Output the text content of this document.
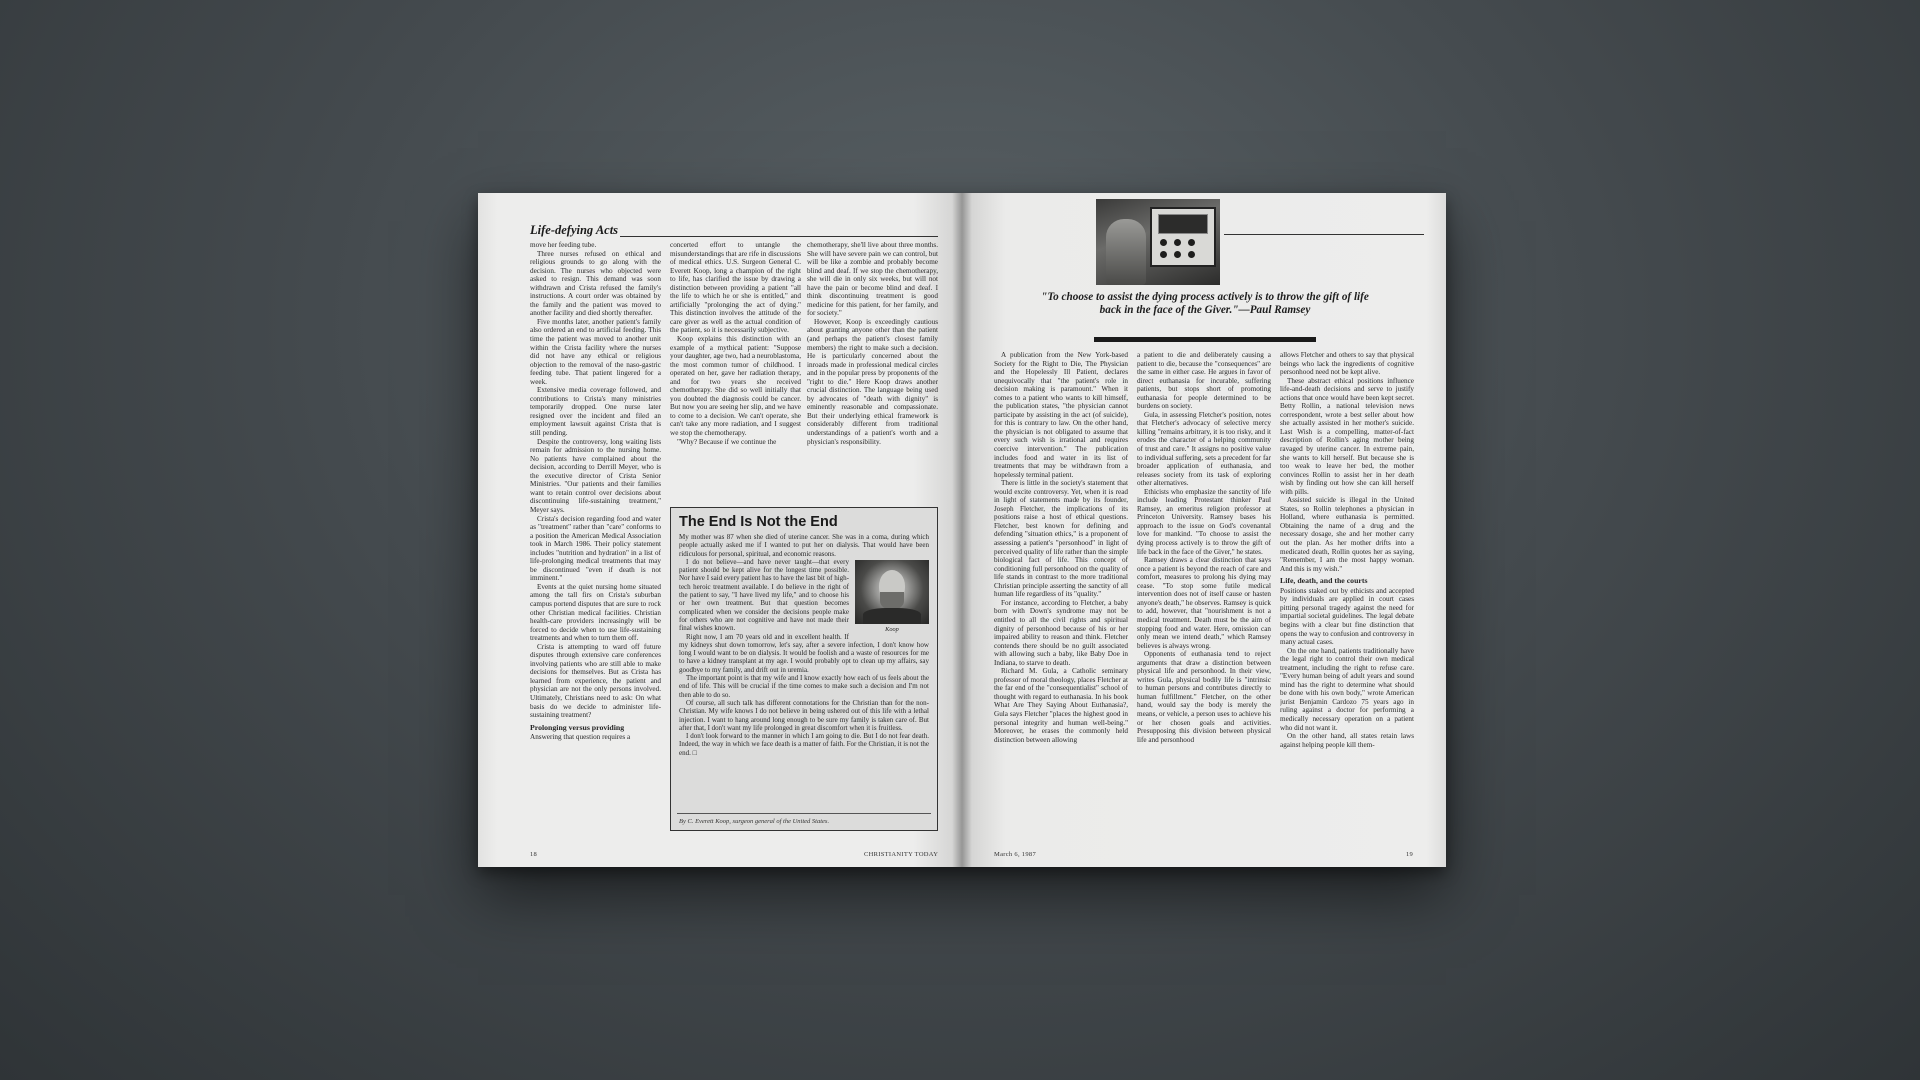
Life-defying Acts

move her feeding tube.

Three nurses refused on ethical and religious grounds to go along with the decision. The nurses who objected were asked to resign. This demand was soon withdrawn and Crista refused the family's instructions. A court order was obtained by the family and the patient was moved to another facility and died shortly thereafter.

Five months later, another patient's family also ordered an end to artificial feeding. This time the patient was moved to another unit within the Crista facility where the nurses did not have any ethical or religious objection to the removal of the naso-gastric feeding tube. That patient lingered for a week.

Extensive media coverage followed, and contributions to Crista's many ministries temporarily dropped. One nurse later resigned over the incident and filed an employment lawsuit against Crista that is still pending.

Despite the controversy, long waiting lists remain for admission to the nursing home. No patients have complained about the decision, according to Derrill Meyer, who is the executive director of Crista Senior Ministries. "Our patients and their families want to retain control over decisions about discontinuing life-sustaining treatment," Meyer says.

Crista's decision regarding food and water as "treatment" rather than "care" conforms to a position the American Medical Association took in March 1986. Their policy statement includes "nutrition and hydration" in a list of life-prolonging medical treatments that may be discontinued "even if death is not imminent."

Events at the quiet nursing home situated among the tall firs on Crista's suburban campus portend disputes that are sure to rock other Christian medical facilities. Christian health-care providers increasingly will be forced to decide when to use life-sustaining treatments and when to turn them off.

Crista is attempting to ward off future disputes through extensive care conferences involving patients who are still able to make decisions for themselves. But as Crista has learned from experience, the patient and physician are not the only persons involved. Ultimately, Christians need to ask: On what basis do we decide to administer life-sustaining treatment?

Prolonging versus providing

Answering that question requires a

concerted effort to untangle the misunderstandings that are rife in discussions of medical ethics. U.S. Surgeon General C. Everett Koop, long a champion of the right to life, has clarified the issue by drawing a distinction between providing a patient "all the life to which he or she is entitled," and artificially "prolonging the act of dying." This distinction involves the attitude of the care giver as well as the actual condition of the patient, so it is necessarily subjective.

Koop explains this distinction with an example of a mythical patient: "Suppose your daughter, age two, had a neuroblastoma, the most common tumor of childhood. I operated on her, gave her radiation therapy, and for two years she received chemotherapy. She did so well initially that you doubted the diagnosis could be cancer. But now you are seeing her slip, and we have to come to a decision. We can't operate, she can't take any more radiation, and I suggest we stop the chemotherapy.

"Why? Because if we continue the

chemotherapy, she'll live about three months. She will have severe pain we can control, but will be like a zombie and probably become blind and deaf. If we stop the chemotherapy, she will die in only six weeks, but will not have the pain or become blind and deaf. I think discontinuing treatment is good medicine for this patient, for her family, and for society."

However, Koop is exceedingly cautious about granting anyone other than the patient (and perhaps the patient's closest family members) the right to make such a decision. He is particularly concerned about the inroads made in professional medical circles and in the popular press by proponents of the "right to die." Here Koop draws another crucial distinction. The language being used by advocates of "death with dignity" is eminently reasonable and compassionate. But their underlying ethical framework is considerably different from traditional understandings of a patient's worth and a physician's responsibility.

The End Is Not the End

My mother was 87 when she died of uterine cancer. She was in a coma, during which people actually asked me if I wanted to put her on dialysis. That would have been ridiculous for personal, spiritual, and economic reasons.

Koop

I do not believe—and have never taught—that every patient should be kept alive for the longest time possible. Nor have I said every patient has to have the last bit of high-tech heroic treatment available. I do believe in the right of the patient to say, "I have lived my life," and to choose his or her own treatment. But that question becomes complicated when we consider the decisions people make for others who are not cognitive and have not made their final wishes known.

Right now, I am 70 years old and in excellent health. If my kidneys shut down tomorrow, let's say, after a severe infection, I don't know how long I would want to be on dialysis. It would be foolish and a waste of resources for me to have a kidney transplant at my age. I would probably opt to clean up my affairs, say goodbye to my family, and drift out in uremia.

The important point is that my wife and I know exactly how each of us feels about the end of life. This will be crucial if the time comes to make such a decision and I'm not then able to do so.

Of course, all such talk has different connotations for the Christian than for the non-Christian. My wife knows I do not believe in being ushered out of this life with a lethal injection. I want to hang around long enough to be sure my family is taken care of. But after that, I don't want my life prolonged in great discomfort when it is fruitless.

I don't look forward to the manner in which I am going to die. But I do not fear death. Indeed, the way in which we face death is a matter of faith. For the Christian, it is not the end. □

By C. Everett Koop, surgeon general of the United States.
18	CHRISTIANITY TODAY
"To choose to assist the dying process actively is to throw the gift of life back in the face of the Giver."—Paul Ramsey

A publication from the New York-based Society for the Right to Die, The Physician and the Hopelessly Ill Patient, declares unequivocally that "the patient's role in decision making is paramount." When it comes to a patient who wants to kill himself, the publication states, "the physician cannot participate by assisting in the act (of suicide), for this is contrary to law. On the other hand, the physician is not obligated to assume that every such wish is irrational and requires coercive intervention." The publication includes food and water in its list of treatments that may be withdrawn from a hopelessly terminal patient.

There is little in the society's statement that would excite controversy. Yet, when it is read in light of statements made by its founder, Joseph Fletcher, the implications of its positions raise a host of ethical questions. Fletcher, best known for defining and defending "situation ethics," is a proponent of assessing a patient's "personhood" in light of perceived quality of life rather than the simple biological fact of life. This concept of conditioning full personhood on the quality of life stands in contrast to the more traditional Christian principle asserting the sanctity of all human life regardless of its "quality."

For instance, according to Fletcher, a baby born with Down's syndrome may not be entitled to all the civil rights and spiritual dignity of personhood because of his or her impaired ability to reason and think. Fletcher contends there should be no guilt associated with allowing such a baby, like Baby Doe in Indiana, to starve to death.

Richard M. Gula, a Catholic seminary professor of moral theology, places Fletcher at the far end of the "consequentialist" school of thought with regard to euthanasia. In his book What Are They Saying About Euthanasia?, Gula says Fletcher "places the highest good in personal integrity and human well-being." Moreover, he erases the commonly held distinction between allowing

a patient to die and deliberately causing a patient to die, because the "consequences" are the same in either case. He argues in favor of direct euthanasia for incurable, suffering patients, but stops short of promoting euthanasia for people determined to be burdens on society.

Gula, in assessing Fletcher's position, notes that Fletcher's advocacy of selective mercy killing "remains arbitrary, it is too risky, and it erodes the character of a helping community of trust and care." It assigns no positive value to individual suffering, sets a precedent for far broader application of euthanasia, and releases society from its task of exploring other alternatives.

Ethicists who emphasize the sanctity of life include leading Protestant thinker Paul Ramsey, an emeritus religion professor at Princeton University. Ramsey bases his approach to the issue on God's covenantal love for mankind. "To choose to assist the dying process actively is to throw the gift of life back in the face of the Giver," he states.

Ramsey draws a clear distinction that says once a patient is beyond the reach of care and comfort, measures to prolong his dying may cease. "To stop some futile medical intervention does not of itself cause or hasten anyone's death," he observes. Ramsey is quick to add, however, that "nourishment is not a medical treatment. Death must be the aim of stopping food and water. Here, omission can only mean we intend death," which Ramsey believes is always wrong.

Opponents of euthanasia tend to reject arguments that draw a distinction between physical life and personhood. In their view, writes Gula, physical bodily life is "intrinsic to human persons and contributes directly to human fulfillment." Fletcher, on the other hand, would say the body is merely the means, or vehicle, a person uses to achieve his or her chosen goals and activities. Presupposing this division between physical life and personhood

allows Fletcher and others to say that physical beings who lack the ingredients of cognitive personhood need not be kept alive.

These abstract ethical positions influence life-and-death decisions and serve to justify actions that once would have been kept secret. Betty Rollin, a national television news correspondent, wrote a best seller about how she actually assisted in her mother's suicide. Last Wish is a compelling, matter-of-fact description of Rollin's aging mother being ravaged by uterine cancer. In extreme pain, she wants to kill herself. But because she is too weak to leave her bed, the mother convinces Rollin to assist her in her death wish by finding out how she can kill herself with pills.

Assisted suicide is illegal in the United States, so Rollin telephones a physician in Holland, where euthanasia is permitted. Obtaining the name of a drug and the necessary dosage, she and her mother carry out the plan. As her mother drifts into a medicated death, Rollin quotes her as saying, "Remember, I am the most happy woman. And this is my wish."

Life, death, and the courts

Positions staked out by ethicists and accepted by individuals are applied in court cases pitting personal tragedy against the need for impartial societal guidelines. The legal debate begins with a clear but fine distinction that opens the way to confusion and controversy in many actual cases.

On the one hand, patients traditionally have the legal right to control their own medical treatment, including the right to refuse care. "Every human being of adult years and sound mind has the right to determine what should be done with his own body," wrote American jurist Benjamin Cardozo 75 years ago in ruling against a doctor for performing a medically necessary operation on a patient who did not want it.

On the other hand, all states retain laws against helping people kill them-

March 6, 1987	19
